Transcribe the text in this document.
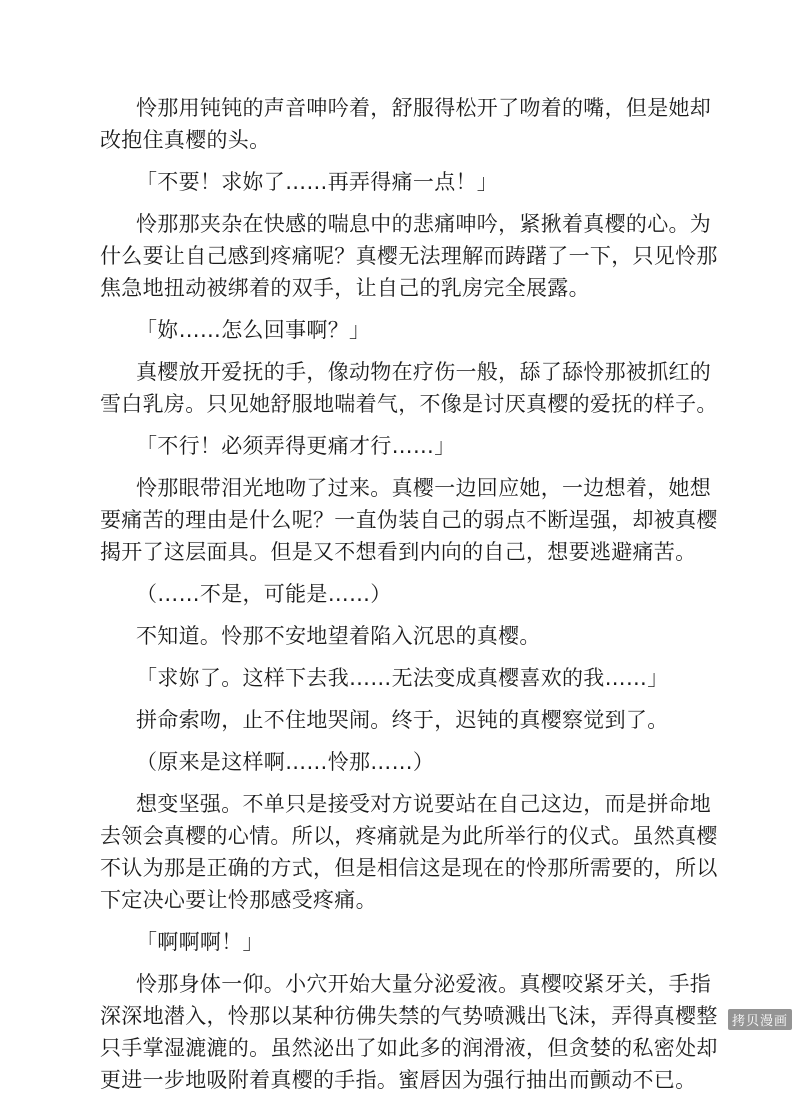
怜那用钝钝的声音呻吟着，舒服得松开了吻着的嘴，但是她却改抱住真樱的头。

「不要！求妳了……再弄得痛一点！」

怜那那夹杂在快感的喘息中的悲痛呻吟，紧揪着真樱的心。为什么要让自己感到疼痛呢？真樱无法理解而踌躇了一下，只见怜那焦急地扭动被绑着的双手，让自己的乳房完全展露。

「妳……怎么回事啊？」

真樱放开爱抚的手，像动物在疗伤一般，舔了舔怜那被抓红的雪白乳房。只见她舒服地喘着气，不像是讨厌真樱的爱抚的样子。

「不行！必须弄得更痛才行……」

怜那眼带泪光地吻了过来。真樱一边回应她，一边想着，她想要痛苦的理由是什么呢？一直伪装自己的弱点不断逞强，却被真樱揭开了这层面具。但是又不想看到内向的自己，想要逃避痛苦。

（……不是，可能是……）

不知道。怜那不安地望着陷入沉思的真樱。

「求妳了。这样下去我……无法变成真樱喜欢的我……」

拼命索吻，止不住地哭闹。终于，迟钝的真樱察觉到了。

（原来是这样啊……怜那……）

想变坚强。不单只是接受对方说要站在自己这边，而是拼命地去领会真樱的心情。所以，疼痛就是为此所举行的仪式。虽然真樱不认为那是正确的方式，但是相信这是现在的怜那所需要的，所以下定决心要让怜那感受疼痛。

「啊啊啊！」

怜那身体一仰。小穴开始大量分泌爱液。真樱咬紧牙关，手指深深地潜入，怜那以某种彷佛失禁的气势喷溅出飞沫，弄得真樱整只手掌湿漉漉的。虽然泌出了如此多的润滑液，但贪婪的私密处却更进一步地吸附着真樱的手指。蜜唇因为强行抽出而颤动不已。

拷贝漫画
